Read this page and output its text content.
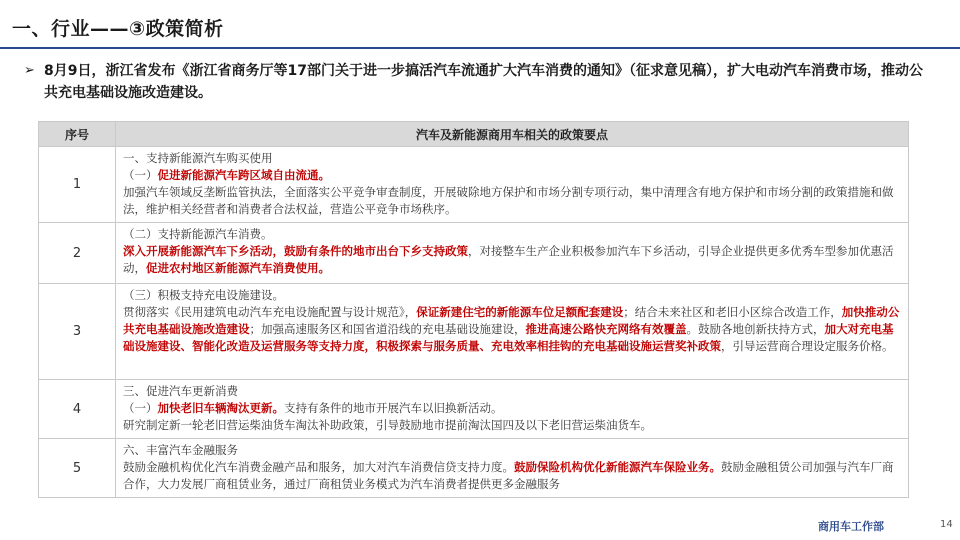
一、行业——③政策简析
➢ 8月9日，浙江省发布《浙江省商务厅等17部门关于进一步搞活汽车流通扩大汽车消费的通知》（征求意见稿），扩大电动汽车消费市场，推动公共充电基础设施改造建设。
序号	汽车及新能源商用车相关的政策要点
1	一、支持新能源汽车购买使用
（一）促进新能源汽车跨区域自由流通。
加强汽车领域反垄断监管执法，全面落实公平竞争审查制度，开展破除地方保护和市场分割专项行动，集中清理含有地方保护和市场分割的政策措施和做法，维护相关经营者和消费者合法权益，营造公平竞争市场秩序。

2	（二）支持新能源汽车消费。
深入开展新能源汽车下乡活动，鼓励有条件的地市出台下乡支持政策，对接整车生产企业积极参加汽车下乡活动，引导企业提供更多优秀车型参加优惠活动，促进农村地区新能源汽车消费使用。

3	（三）积极支持充电设施建设。
贯彻落实《民用建筑电动汽车充电设施配置与设计规范》，保证新建住宅的新能源车位足额配套建设；结合未来社区和老旧小区综合改造工作，加快推动公共充电基础设施改造建设；加强高速服务区和国省道沿线的充电基础设施建设，推进高速公路快充网络有效覆盖。鼓励各地创新扶持方式，加大对充电基础设施建设、智能化改造及运营服务等支持力度，积极探索与服务质量、充电效率相挂钩的充电基础设施运营奖补政策，引导运营商合理设定服务价格。

4	三、促进汽车更新消费
（一）加快老旧车辆淘汰更新。支持有条件的地市开展汽车以旧换新活动。
研究制定新一轮老旧营运柴油货车淘汰补助政策，引导鼓励地市提前淘汰国四及以下老旧营运柴油货车。

5	六、丰富汽车金融服务
鼓励金融机构优化汽车消费金融产品和服务，加大对汽车消费信贷支持力度。鼓励保险机构优化新能源汽车保险业务。鼓励金融租赁公司加强与汽车厂商合作，大力发展厂商租赁业务，通过厂商租赁业务模式为汽车消费者提供更多金融服务
商用车工作部	14
